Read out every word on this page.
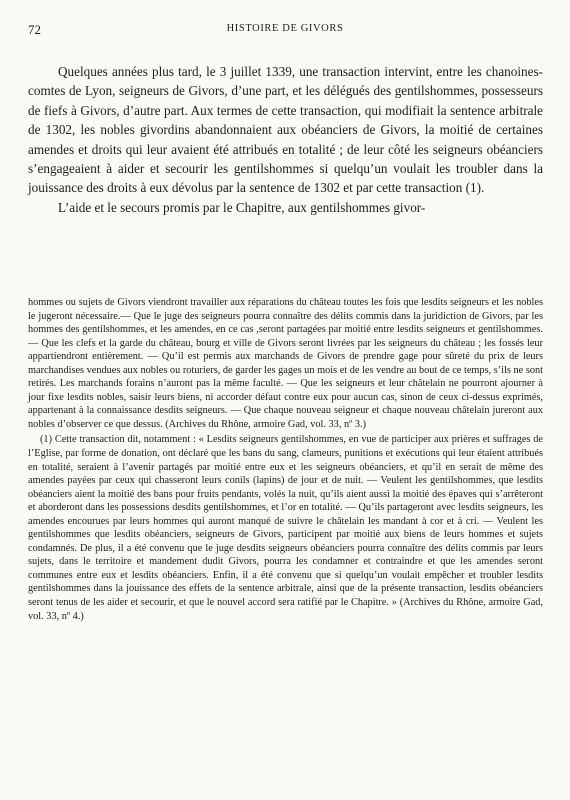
72	HISTOIRE DE GIVORS

Quelques années plus tard, le 3 juillet 1339, une transaction intervint, entre les chanoines-comtes de Lyon, seigneurs de Givors, d’une part, et les délégués des gentilshommes, possesseurs de fiefs à Givors, d’autre part. Aux termes de cette transaction, qui modifiait la sentence arbitrale de 1302, les nobles givordins abandonnaient aux obéanciers de Givors, la moitié de certaines amendes et droits qui leur avaient été attribués en totalité ; de leur côté les seigneurs obéanciers s’engageaient à aider et secourir les gentilshommes si quelqu’un voulait les troubler dans la jouissance des droits à eux dévolus par la sentence de 1302 et par cette transaction (1).

L’aide et le secours promis par le Chapitre, aux gentilshommes givor-

hommes ou sujets de Givors viendront travailler aux réparations du château toutes les fois que lesdits seigneurs et les nobles le jugeront nécessaire.— Que le juge des seigneurs pourra connaître des délits commis dans la juridiction de Givors, par les hommes des gentilshommes, et les amendes, en ce cas ,seront partagées par moitié entre lesdits seigneurs et gentilshommes. — Que les clefs et la garde du château, bourg et ville de Givors seront livrées par les seigneurs du château ; les fossés leur appartiendront entièrement. — Qu’il est permis aux marchands de Givors de prendre gage pour sûreté du prix de leurs marchandises vendues aux nobles ou roturiers, de garder les gages un mois et de les vendre au bout de ce temps, s’ils ne sont retirés. Les marchands forains n’auront pas la même faculté. — Que les seigneurs et leur châtelain ne pourront ajourner à jour fixe lesdits nobles, saisir leurs biens, ni accorder défaut contre eux pour aucun cas, sinon de ceux ci-dessus exprimés, appartenant à la connaissance desdits seigneurs. — Que chaque nouveau seigneur et chaque nouveau châtelain jureront aux nobles d’observer ce que dessus. (Archives du Rhône, armoire Gad, vol. 33, nº 3.)

(1) Cette transaction dit, notamment : « Lesdits seigneurs gentilshommes, en vue de participer aux prières et suffrages de l’Eglise, par forme de donation, ont déclaré que les bans du sang, clameurs, punitions et exécutions qui leur étaient attribués en totalité, seraient à l’avenir partagés par moitié entre eux et les seigneurs obéanciers, et qu’il en serait de même des amendes payées par ceux qui chasseront leurs conils (lapins) de jour et de nuit. — Veulent les gentilshommes, que lesdits obéanciers aient la moitié des bans pour fruits pendants, volés la nuit, qu’ils aient aussi la moitié des épaves qui s’arrêteront et aborderont dans les possessions desdits gentilshommes, et l’or en totalité. — Qu’ils partageront avec lesdits seigneurs, les amendes encourues par leurs hommes qui auront manqué de suivre le châtelain les mandant à cor et à cri. — Veulent les gentilshommes que lesdits obéanciers, seigneurs de Givors, participent par moitié aux biens de leurs hommes et sujets condamnés. De plus, il a été convenu que le juge desdits seigneurs obéanciers pourra connaître des délits commis par leurs sujets, dans le territoire et mandement dudit Givors, pourra les condamner et contraindre et que les amendes seront communes entre eux et lesdits obéanciers. Enfin, il a été convenu que si quelqu’un voulait empêcher et troubler lesdits gentilshommes dans la jouissance des effets de la sentence arbitrale, ainsi que de la présente transaction, lesdits obéanciers seront tenus de les aider et secourir, et que le nouvel accord sera ratifié par le Chapitre. » (Archives du Rhône, armoire Gad, vol. 33, nº 4.)
